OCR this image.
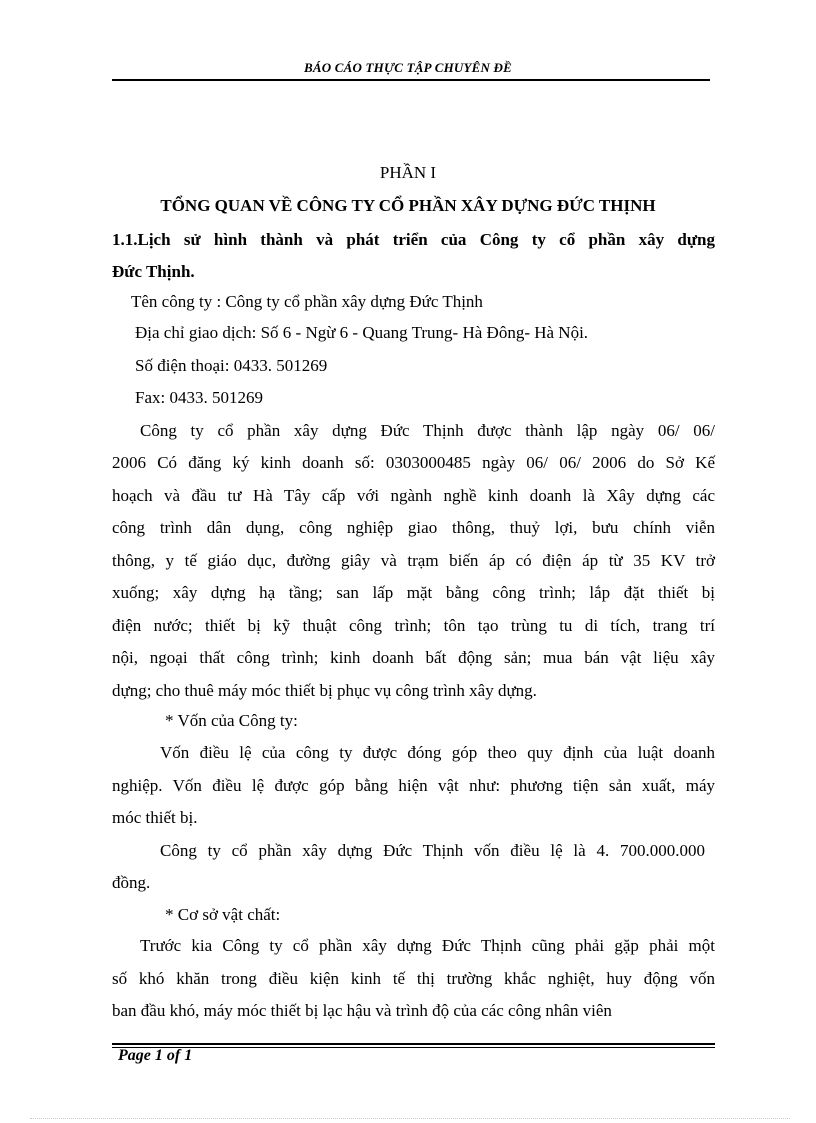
BÁO CÁO THỰC TẬP CHUYÊN ĐỀ
PHẦN I
TỔNG QUAN VỀ CÔNG TY CỔ PHẦN XÂY DỰNG ĐỨC THỊNH
1.1.Lịch sử hình thành và phát triển của Công ty cổ phần xây dựng
Đức Thịnh.
Tên công ty : Công ty cổ phần xây dựng Đức Thịnh
Địa chỉ giao dịch: Số 6 - Ngừ 6 - Quang Trung- Hà Đông- Hà Nội.
Số điện thoại: 0433. 501269
Fax: 0433. 501269
Công ty cổ phần xây dựng Đức Thịnh được thành lập ngày 06/ 06/
2006 Có đăng ký kinh doanh số: 0303000485 ngày 06/ 06/ 2006 do Sở Kế
hoạch và đầu tư Hà Tây cấp với ngành nghề kinh doanh là Xây dựng các
công trình dân dụng, công nghiệp giao thông, thuỷ lợi, bưu chính viễn
thông, y tế giáo dục, đường giây và trạm biến áp có điện áp từ 35 KV trở
xuống; xây dựng hạ tầng; san lấp mặt bằng công trình; lắp đặt thiết bị
điện nước; thiết bị kỹ thuật công trình; tôn tạo trùng tu di tích, trang trí
nội, ngoại thất công trình; kinh doanh bất động sản; mua bán vật liệu xây
dựng; cho thuê máy móc thiết bị phục vụ công trình xây dựng.
* Vốn của Công ty:
Vốn điều lệ của công ty được đóng góp theo quy định của luật doanh
nghiệp. Vốn điều lệ được góp bằng hiện vật như: phương tiện sản xuất, máy
móc thiết bị.
Công ty cổ phần xây dựng Đức Thịnh vốn điều lệ là 4. 700.000.000
đồng.
* Cơ sở vật chất:
Trước kia Công ty cổ phần xây dựng Đức Thịnh cũng phải gặp phải một
số khó khăn trong điều kiện kinh tế thị trường khắc nghiệt, huy động vốn
ban đầu khó, máy móc thiết bị lạc hậu và trình độ của các công nhân viên
Page 1 of 1
